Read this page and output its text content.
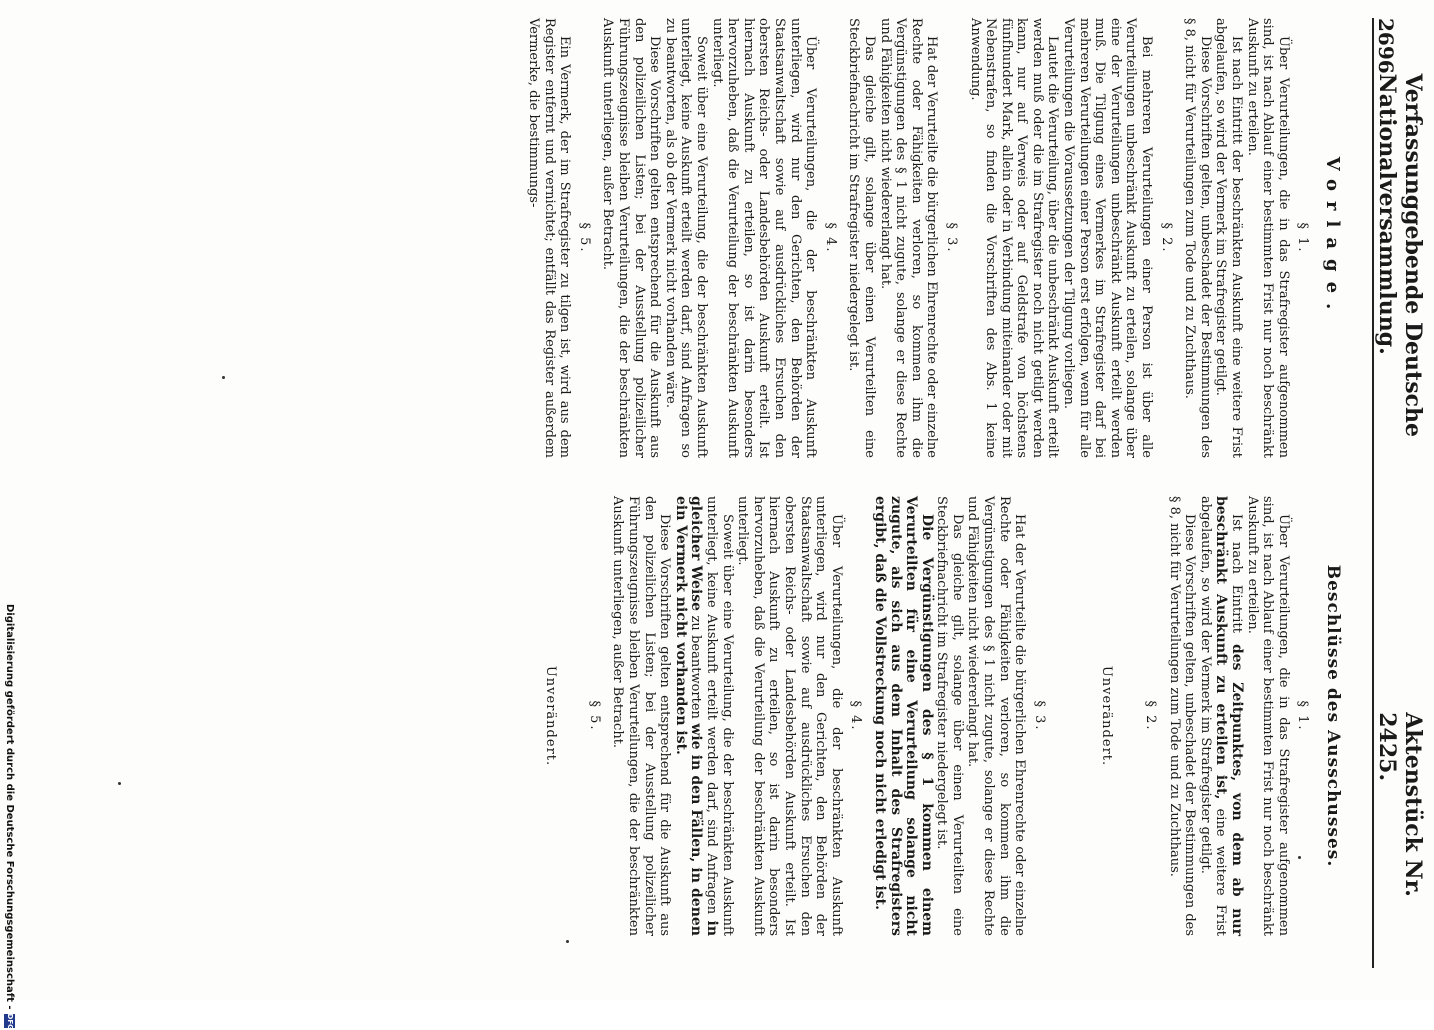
2696
Verfassunggebende Deutsche Nationalversammlung.
Aktenstück Nr. 2425.
Vorlage.
§ 1.

Über Verurteilungen, die in das Strafregister aufgenommen sind, ist nach Ablauf einer bestimmten Frist nur noch beschränkt Auskunft zu erteilen.

Ist nach Eintritt der beschränkten Auskunft eine weitere Frist abgelaufen, so wird der Vermerk im Strafregister getilgt.

Diese Vorschriften gelten, unbeschadet der Bestimmungen des § 8, nicht für Verurteilungen zum Tode und zu Zuchthaus.

§ 2.

Bei mehreren Verurteilungen einer Person ist über alle Verurteilungen unbeschränkt Auskunft zu erteilen, solange über eine der Verurteilungen unbeschränkt Auskunft erteilt werden muß. Die Tilgung eines Vermerkes im Strafregister darf bei mehreren Verurteilungen einer Person erst erfolgen, wenn für alle Verurteilungen die Voraussetzungen der Tilgung vorliegen.

Lautet die Verurteilung, über die unbeschränkt Auskunft erteilt werden muß oder die im Strafregister noch nicht getilgt werden kann, nur auf Verweis oder auf Geldstrafe von höchstens fünfhundert Mark, allein oder in Verbindung miteinander oder mit Nebenstrafen, so finden die Vorschriften des Abs. 1 keine Anwendung.

§ 3.

Hat der Verurteilte die bürgerlichen Ehrenrechte oder einzelne Rechte oder Fähigkeiten verloren, so kommen ihm die Vergünstigungen des § 1 nicht zugute, solange er diese Rechte und Fähigkeiten nicht wiedererlangt hat.

Das gleiche gilt, solange über einen Verurteilten eine Steckbriefnachricht im Strafregister niedergelegt ist.

§ 4.

Über Verurteilungen, die der beschränkten Auskunft unterliegen, wird nur den Gerichten, den Behörden der Staatsanwaltschaft sowie auf ausdrückliches Ersuchen den obersten Reichs- oder Landesbehörden Auskunft erteilt. Ist hiernach Auskunft zu erteilen, so ist darin besonders hervorzuheben, daß die Verurteilung der beschränkten Auskunft unterliegt.

Soweit über eine Verurteilung, die der beschränkten Auskunft unterliegt, keine Auskunft erteilt werden darf, sind Anfragen so zu beantworten, als ob der Vermerk nicht vorhanden wäre.

Diese Vorschriften gelten entsprechend für die Auskunft aus den polizeilichen Listen; bei der Ausstellung polizeilicher Führungszeugnisse bleiben Verurteilungen, die der beschränkten Auskunft unterliegen, außer Betracht.

§ 5.

Ein Vermerk, der im Strafregister zu tilgen ist, wird aus dem Register entfernt und vernichtet; entfällt das Register außerdem Vermerke, die bestimmungs-

Beschlüsse des Ausschusses.
§ 1.

Über Verurteilungen, die in das Strafregister aufgenommen sind, ist nach Ablauf einer bestimmten Frist nur noch beschränkt Auskunft zu erteilen.

Ist nach Eintritt des Zeitpunktes, von dem ab nur beschränkt Auskunft zu erteilen ist, eine weitere Frist abgelaufen, so wird der Vermerk im Strafregister getilgt.

Diese Vorschriften gelten, unbeschadet der Bestimmungen des § 8, nicht für Verurteilungen zum Tode und zu Zuchthaus.

§ 2.
Unverändert.
§ 3.

Hat der Verurteilte die bürgerlichen Ehrenrechte oder einzelne Rechte oder Fähigkeiten verloren, so kommen ihm die Vergünstigungen des § 1 nicht zugute, solange er diese Rechte und Fähigkeiten nicht wiedererlangt hat.

Das gleiche gilt, solange über einen Verurteilten eine Steckbriefnachricht im Strafregister niedergelegt ist.

Die Vergünstigungen des § 1 kommen einem Verurteilten für eine Verurteilung solange nicht zugute, als sich aus dem Inhalt des Strafregisters ergibt, daß die Vollstreckung noch nicht erledigt ist.

§ 4.

Über Verurteilungen, die der beschränkten Auskunft unterliegen, wird nur den Gerichten, den Behörden der Staatsanwaltschaft sowie auf ausdrückliches Ersuchen den obersten Reichs- oder Landesbehörden Auskunft erteilt. Ist hiernach Auskunft zu erteilen, so ist darin besonders hervorzuheben, daß die Verurteilung der beschränkten Auskunft unterliegt.

Soweit über eine Verurteilung, die der beschränkten Auskunft unterliegt, keine Auskunft erteilt werden darf, sind Anfragen in gleicher Weise zu beantworten wie in den Fällen, in denen ein Vermerk nicht vorhanden ist.

Diese Vorschriften gelten entsprechend für die Auskunft aus den polizeilichen Listen; bei der Ausstellung polizeilicher Führungszeugnisse bleiben Verurteilungen, die der beschränkten Auskunft unterliegen, außer Betracht.

§ 5.
Unverändert.
Digitalisierung gefördert durch die Deutsche Forschungsgemeinschaft -
DFG
